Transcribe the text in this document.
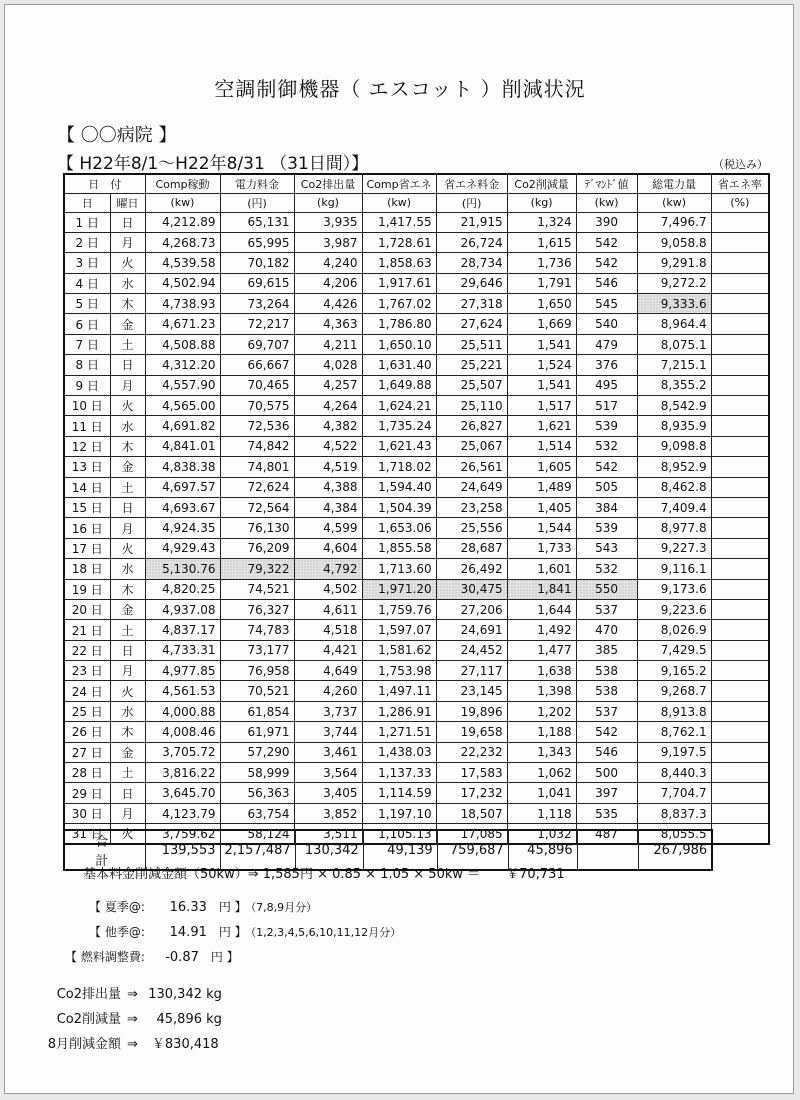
空調制御機器（ エスコット ）削減状況
【 〇〇病院 】
【 H22年8/1～H22年8/31 （31日間）】	（税込み）
日　付		Comp稼動	電力料金	Co2排出量	Comp省エネ	省エネ料金	Co2削減量	ﾃﾞﾏﾝﾄﾞ値	総電力量	省エネ率
日	曜日	(kw)	(円)	(kg)	(kw)	(円)	(kg)	(kw)	(kw)	(%)
1 日	日	4,212.89	65,131	3,935	1,417.55	21,915	1,324	390	7,496.7	
2 日	月	4,268.73	65,995	3,987	1,728.61	26,724	1,615	542	9,058.8	
3 日	火	4,539.58	70,182	4,240	1,858.63	28,734	1,736	542	9,291.8	
4 日	水	4,502.94	69,615	4,206	1,917.61	29,646	1,791	546	9,272.2	
5 日	木	4,738.93	73,264	4,426	1,767.02	27,318	1,650	545	9,333.6	
6 日	金	4,671.23	72,217	4,363	1,786.80	27,624	1,669	540	8,964.4	
7 日	土	4,508.88	69,707	4,211	1,650.10	25,511	1,541	479	8,075.1	
8 日	日	4,312.20	66,667	4,028	1,631.40	25,221	1,524	376	7,215.1	
9 日	月	4,557.90	70,465	4,257	1,649.88	25,507	1,541	495	8,355.2	
10 日	火	4,565.00	70,575	4,264	1,624.21	25,110	1,517	517	8,542.9	
11 日	水	4,691.82	72,536	4,382	1,735.24	26,827	1,621	539	8,935.9	
12 日	木	4,841.01	74,842	4,522	1,621.43	25,067	1,514	532	9,098.8	
13 日	金	4,838.38	74,801	4,519	1,718.02	26,561	1,605	542	8,952.9	
14 日	土	4,697.57	72,624	4,388	1,594.40	24,649	1,489	505	8,462.8	
15 日	日	4,693.67	72,564	4,384	1,504.39	23,258	1,405	384	7,409.4	
16 日	月	4,924.35	76,130	4,599	1,653.06	25,556	1,544	539	8,977.8	
17 日	火	4,929.43	76,209	4,604	1,855.58	28,687	1,733	543	9,227.3	
18 日	水	5,130.76	79,322	4,792	1,713.60	26,492	1,601	532	9,116.1	
19 日	木	4,820.25	74,521	4,502	1,971.20	30,475	1,841	550	9,173.6	
20 日	金	4,937.08	76,327	4,611	1,759.76	27,206	1,644	537	9,223.6	
21 日	土	4,837.17	74,783	4,518	1,597.07	24,691	1,492	470	8,026.9	
22 日	日	4,733.31	73,177	4,421	1,581.62	24,452	1,477	385	7,429.5	
23 日	月	4,977.85	76,958	4,649	1,753.98	27,117	1,638	538	9,165.2	
24 日	火	4,561.53	70,521	4,260	1,497.11	23,145	1,398	538	9,268.7	
25 日	水	4,000.88	61,854	3,737	1,286.91	19,896	1,202	537	8,913.8	
26 日	木	4,008.46	61,971	3,744	1,271.51	19,658	1,188	542	8,762.1	
27 日	金	3,705.72	57,290	3,461	1,438.03	22,232	1,343	546	9,197.5	
28 日	土	3,816.22	58,999	3,564	1,137.33	17,583	1,062	500	8,440.3	
29 日	日	3,645.70	56,363	3,405	1,114.59	17,232	1,041	397	7,704.7	
30 日	月	4,123.79	63,754	3,852	1,197.10	18,507	1,118	535	8,837.3	
31 日	火	3,759.62	58,124	3,511	1,105.13	17,085	1,032	487	8,055.5	
合 計	139,553	2,157,487	130,342	49,139	759,687	45,896		267,986
基本料金削減金額（50kw）⇒ 1,585円 × 0.85 × 1.05 × 50kw ＝ ￥70,731
【 夏季@: 16.33 円 】 （7,8,9月分）
【 他季@: 14.91 円 】 （1,2,3,4,5,6,10,11,12月分）
【 燃料調整費: -0.87 円 】
Co2排出量 ⇒ 130,342 kg
Co2削減量 ⇒ 45,896 kg
8月削減金額 ⇒ ￥830,418
